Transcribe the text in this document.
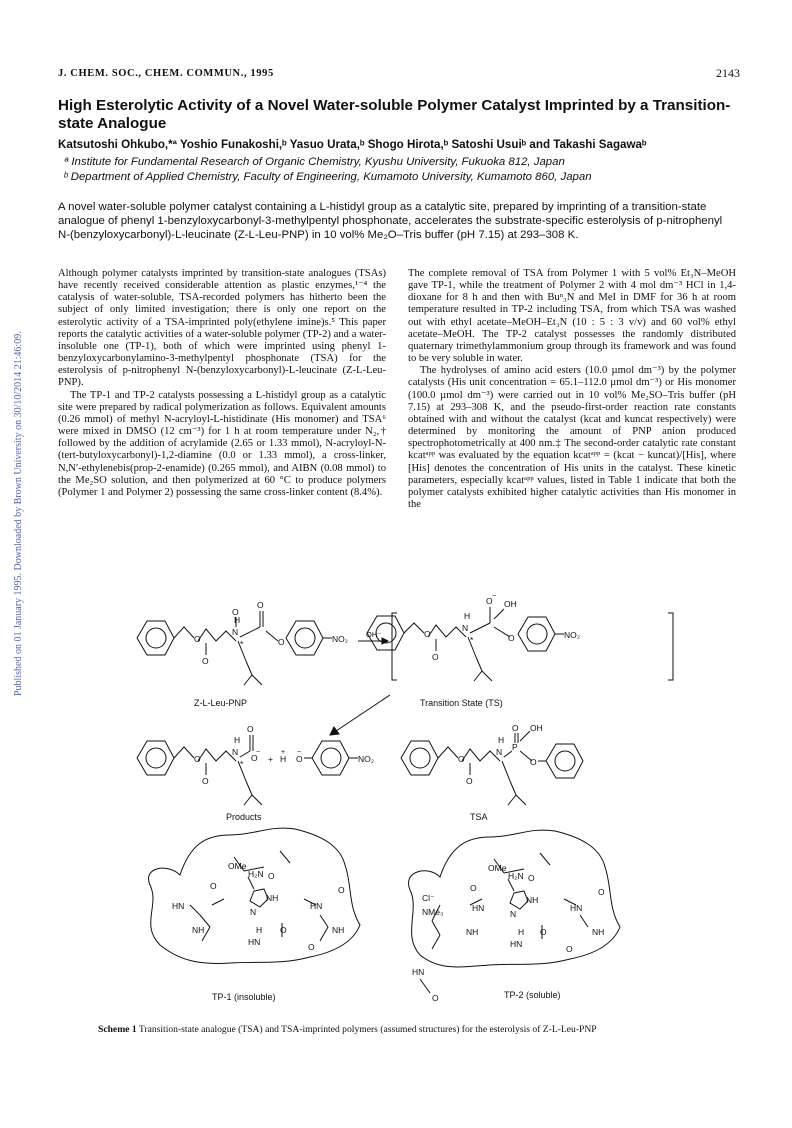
Published on 01 January 1995. Downloaded by Brown University on 30/10/2014 21:46:09.
J. CHEM. SOC., CHEM. COMMUN., 1995	2143
High Esterolytic Activity of a Novel Water-soluble Polymer Catalyst Imprinted by a Transition-state Analogue
Katsutoshi Ohkubo,*ª Yoshio Funakoshi,ᵇ Yasuo Urata,ᵇ Shogo Hirota,ᵇ Satoshi Usuiᵇ and Takashi Sagawaᵇ
ª Institute for Fundamental Research of Organic Chemistry, Kyushu University, Fukuoka 812, Japan
ᵇ Department of Applied Chemistry, Faculty of Engineering, Kumamoto University, Kumamoto 860, Japan
A novel water-soluble polymer catalyst containing a L-histidyl group as a catalytic site, prepared by imprinting of a transition-state analogue of phenyl 1-benzyloxycarbonyl-3-methylpentyl phosphonate, accelerates the substrate-specific esterolysis of p-nitrophenyl N-(benzyloxycarbonyl)-L-leucinate (Z-L-Leu-PNP) in 10 vol% Me₂O–Tris buffer (pH 7.15) at 293–308 K.

Although polymer catalysts imprinted by transition-state analogues (TSAs) have recently received considerable attention as plastic enzymes,¹⁻⁴ the catalysis of water-soluble, TSA-recorded polymers has hitherto been the subject of only limited investigation; there is only one report on the esterolytic activity of a TSA-imprinted poly(ethylene imine)s.⁵ This paper reports the catalytic activities of a water-soluble polymer (TP-2) and a water-insoluble one (TP-1), both of which were imprinted using phenyl 1-benzyloxycarbonylamino-3-methylpentyl phosphonate (TSA) for the esterolysis of p-nitrophenyl N-(benzyloxycarbonyl)-L-leucinate (Z-L-Leu-PNP).

The TP-1 and TP-2 catalysts possessing a L-histidyl group as a catalytic site were prepared by radical polymerization as follows. Equivalent amounts (0.26 mmol) of methyl N-acryloyl-L-histidinate (His monomer) and TSA⁶ were mixed in DMSO (12 cm⁻³) for 1 h at room temperature under N₂,† followed by the addition of acrylamide (2.65 or 1.33 mmol), N-acryloyl-N-(tert-butyloxycarbonyl)-1,2-diamine (0.0 or 1.33 mmol), a cross-linker, N,N′-ethylenebis(prop-2-enamide) (0.265 mmol), and AIBN (0.08 mmol) to the Me₂SO solution, and then polymerized at 60 °C to produce polymers (Polymer 1 and Polymer 2) possessing the same cross-linker content (8.4%).

The complete removal of TSA from Polymer 1 with 5 vol% Et₃N–MeOH gave TP-1, while the treatment of Polymer 2 with 4 mol dm⁻³ HCl in 1,4-dioxane for 8 h and then with Buⁿ₃N and MeI in DMF for 36 h at room temperature resulted in TP-2 including TSA, from which TSA was washed out with ethyl acetate–MeOH–Et₃N (10 : 5 : 3 v/v) and 60 vol% ethyl acetate–MeOH. The TP-2 catalyst possesses the randomly distributed quaternary trimethylammonium group through its framework and was found to be very soluble in water.

The hydrolyses of amino acid esters (10.0 µmol dm⁻³) by the polymer catalysts (His unit concentration = 65.1–112.0 µmol dm⁻³) or His monomer (100.0 µmol dm⁻³) were carried out in 10 vol% Me₂SO–Tris buffer (pH 7.15) at 293–308 K, and the pseudo-first-order reaction rate constants obtained with and without the catalyst (kcat and kuncat respectively) were determined by monitoring the amount of PNP anion produced spectrophotometrically at 400 nm.‡ The second-order catalytic rate constant kcatᵃᵖᵖ was evaluated by the equation kcatᵃᵖᵖ = (kcat − kuncat)/[His], where [His] denotes the concentration of His units in the catalyst. These kinetic parameters, especially kcatᵃᵖᵖ values, listed in Table 1 indicate that both the polymer catalysts exhibited higher catalytic activities than His monomer in the

O
O
O
N
H
*
O
O	NO₂ OH⁻
Z-L-Leu-PNP
O
O
N
H
*
O −
OH
O	NO₂
Transition State (TS)
O
O
N
H
*
O
O
−
+ H
+
O
−
NO₂
Products
O
O
N
H
P
O OH
O
TSA
OMe
H₂N O
O
HN
NH
N
HN
O
NH	H O
HN
NH
O
TP-1 (insoluble)
OMe
H₂N O
O
Cl⁻
NMe₃	HN
NH
N
HN
O
NH	H O
HN
NH
O
HN
O	TP-2 (soluble)
Scheme 1 Transition-state analogue (TSA) and TSA-imprinted polymers (assumed structures) for the esterolysis of Z-L-Leu-PNP
